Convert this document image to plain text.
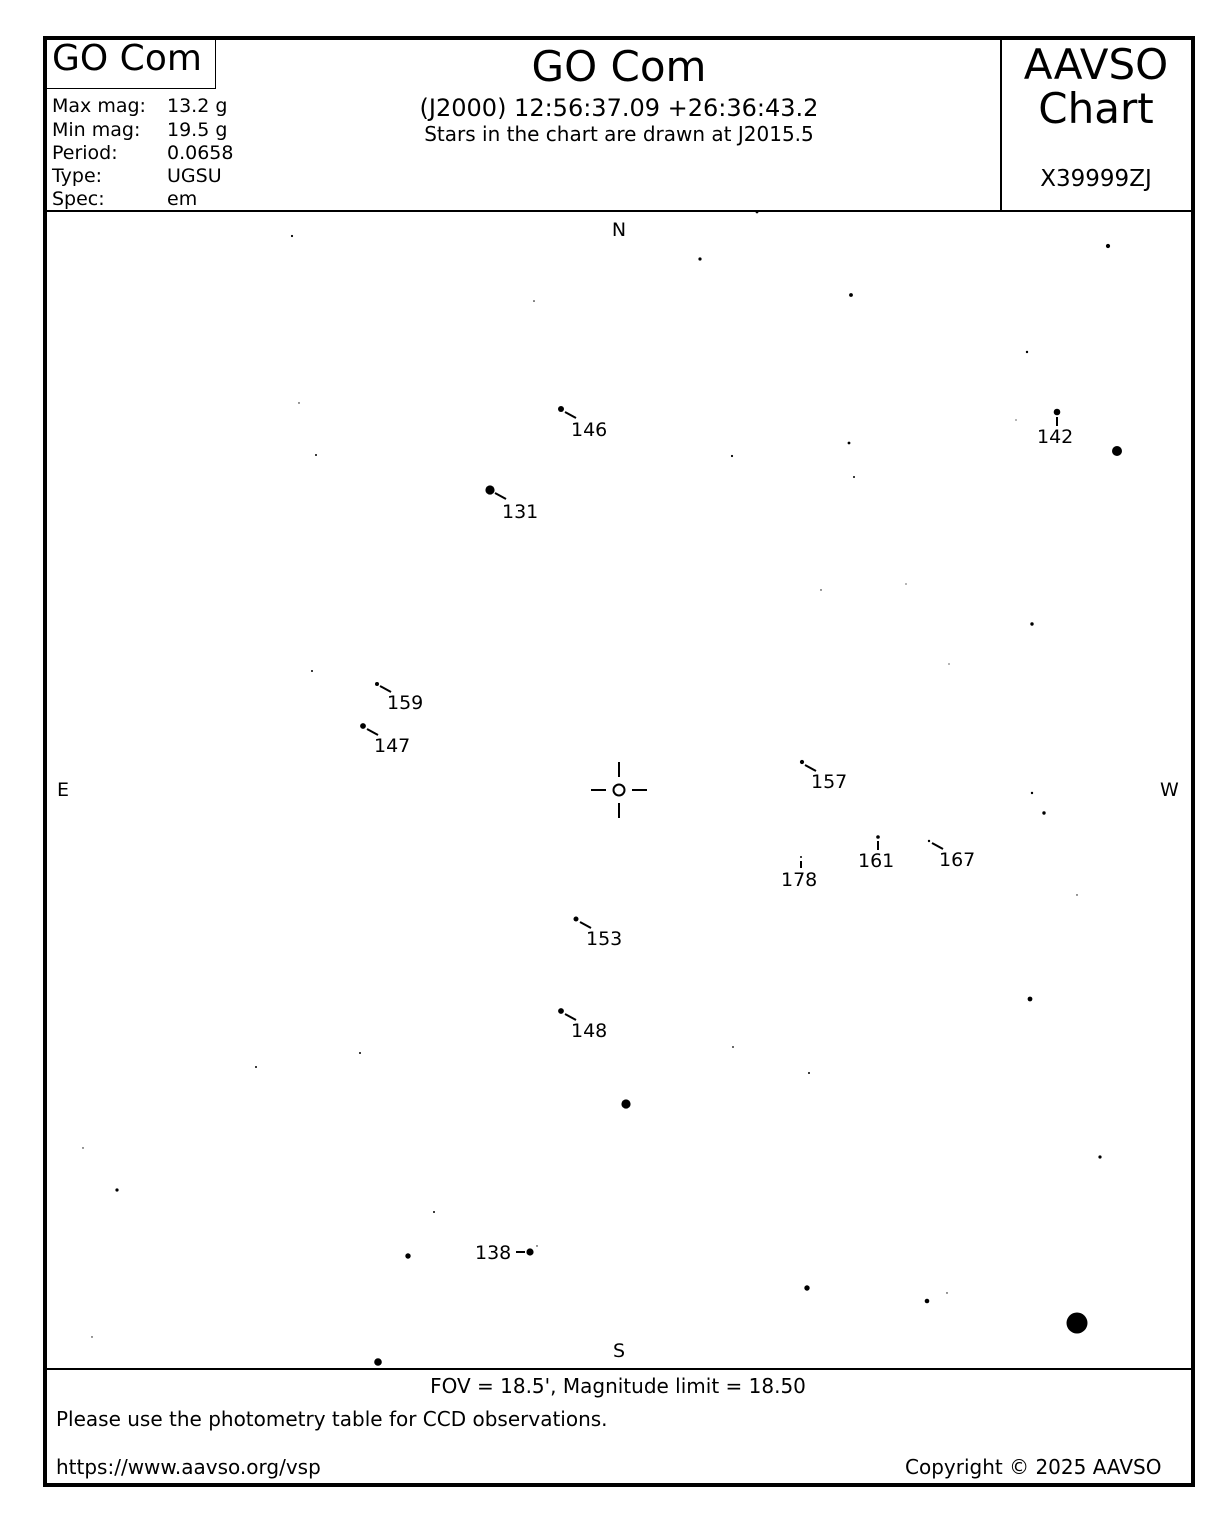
GO Com
Max mag: 13.2 g
Min mag: 19.5 g
Period:	0.0658
Type:	UGSU
Spec:	em
GO Com
(J2000) 12:56:37.09 +26:36:43.2
Stars in the chart are drawn at J2015.5
AAVSO
Chart
X39999ZJ
131
146	142
159
147
157
161 167
178
153
148
138
N
S
E	W
FOV = 18.5', Magnitude limit = 18.50
Please use the photometry table for CCD observations.
https://www.aavso.org/vsp	Copyright © 2025 AAVSO
